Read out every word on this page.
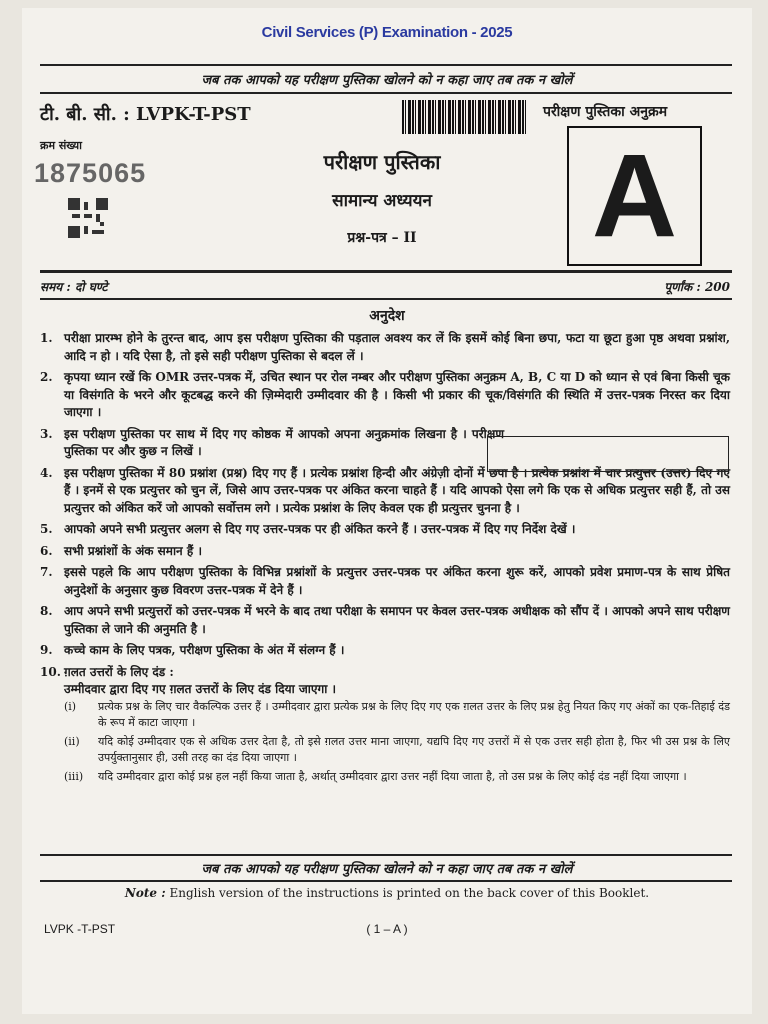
Civil Services (P) Examination - 2025
जब तक आपको यह परीक्षण पुस्तिका खोलने को न कहा जाए तब तक न खोलें
टी. बी. सी. : LVPK-T-PST	परीक्षण पुस्तिका अनुक्रम
क्रम संख्या
1875065	परीक्षण पुस्तिका
सामान्य अध्ययन
प्रश्न-पत्र – II	A
समय : दो घण्टे	पूर्णांक : 200
अनुदेश
1. परीक्षा प्रारम्भ होने के तुरन्त बाद, आप इस परीक्षण पुस्तिका की पड़ताल अवश्य कर लें कि इसमें कोई बिना छपा, फटा या छूटा हुआ पृष्ठ अथवा प्रश्नांश, आदि न हो । यदि ऐसा है, तो इसे सही परीक्षण पुस्तिका से बदल लें ।
2. कृपया ध्यान रखें कि OMR उत्तर-पत्रक में, उचित स्थान पर रोल नम्बर और परीक्षण पुस्तिका अनुक्रम A, B, C या D को ध्यान से एवं बिना किसी चूक या विसंगति के भरने और कूटबद्ध करने की ज़िम्मेदारी उम्मीदवार की है । किसी भी प्रकार की चूक/विसंगति की स्थिति में उत्तर-पत्रक निरस्त कर दिया जाएगा ।
3. इस परीक्षण पुस्तिका पर साथ में दिए गए कोष्ठक में आपको अपना अनुक्रमांक लिखना है । परीक्षण पुस्तिका पर और कुछ न लिखें ।
4. इस परीक्षण पुस्तिका में 80 प्रश्नांश (प्रश्न) दिए गए हैं । प्रत्येक प्रश्नांश हिन्दी और अंग्रेज़ी दोनों में छपा है । प्रत्येक प्रश्नांश में चार प्रत्युत्तर (उत्तर) दिए गए हैं । इनमें से एक प्रत्युत्तर को चुन लें, जिसे आप उत्तर-पत्रक पर अंकित करना चाहते हैं । यदि आपको ऐसा लगे कि एक से अधिक प्रत्युत्तर सही हैं, तो उस प्रत्युत्तर को अंकित करें जो आपको सर्वोत्तम लगे । प्रत्येक प्रश्नांश के लिए केवल एक ही प्रत्युत्तर चुनना है ।
5. आपको अपने सभी प्रत्युत्तर अलग से दिए गए उत्तर-पत्रक पर ही अंकित करने हैं । उत्तर-पत्रक में दिए गए निर्देश देखें ।
6. सभी प्रश्नांशों के अंक समान हैं ।
7. इससे पहले कि आप परीक्षण पुस्तिका के विभिन्न प्रश्नांशों के प्रत्युत्तर उत्तर-पत्रक पर अंकित करना शुरू करें, आपको प्रवेश प्रमाण-पत्र के साथ प्रेषित अनुदेशों के अनुसार कुछ विवरण उत्तर-पत्रक में देने हैं ।
8. आप अपने सभी प्रत्युत्तरों को उत्तर-पत्रक में भरने के बाद तथा परीक्षा के समापन पर केवल उत्तर-पत्रक अधीक्षक को सौंप दें । आपको अपने साथ परीक्षण पुस्तिका ले जाने की अनुमति है ।
9. कच्चे काम के लिए पत्रक, परीक्षण पुस्तिका के अंत में संलग्न हैं ।
10. ग़लत उत्तरों के लिए दंड :
उम्मीदवार द्वारा दिए गए ग़लत उत्तरों के लिए दंड दिया जाएगा ।
(i)	प्रत्येक प्रश्न के लिए चार वैकल्पिक उत्तर हैं । उम्मीदवार द्वारा प्रत्येक प्रश्न के लिए दिए गए एक ग़लत उत्तर के लिए प्रश्न हेतु नियत किए गए अंकों का एक-तिहाई दंड के रूप में काटा जाएगा ।
(ii)	यदि कोई उम्मीदवार एक से अधिक उत्तर देता है, तो इसे ग़लत उत्तर माना जाएगा, यद्यपि दिए गए उत्तरों में से एक उत्तर सही होता है, फिर भी उस प्रश्न के लिए उपर्युक्तानुसार ही, उसी तरह का दंड दिया जाएगा ।
(iii)	यदि उम्मीदवार द्वारा कोई प्रश्न हल नहीं किया जाता है, अर्थात् उम्मीदवार द्वारा उत्तर नहीं दिया जाता है, तो उस प्रश्न के लिए कोई दंड नहीं दिया जाएगा ।
जब तक आपको यह परीक्षण पुस्तिका खोलने को न कहा जाए तब तक न खोलें
Note : English version of the instructions is printed on the back cover of this Booklet.
LVPK -T-PST	( 1 – A )
